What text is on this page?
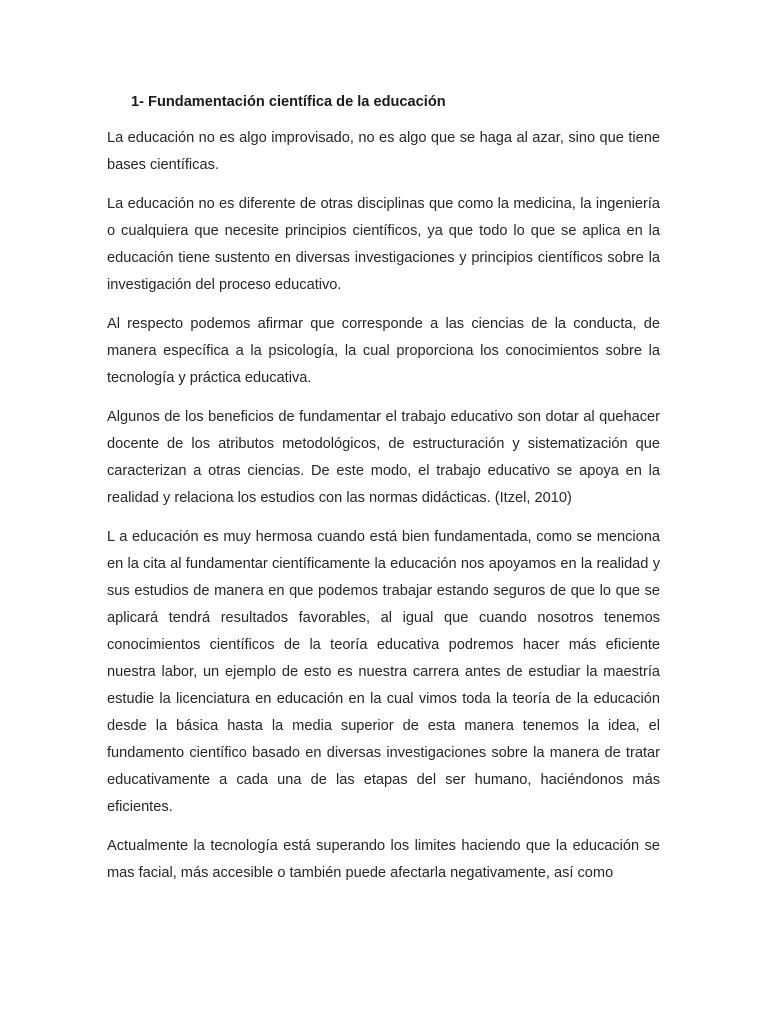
1- Fundamentación científica de la educación

La educación no es algo improvisado, no es algo que se haga al azar, sino que tiene bases científicas.

La educación no es diferente de otras disciplinas que como la medicina, la ingeniería o cualquiera que necesite principios científicos, ya que todo lo que se aplica en la educación tiene sustento en diversas investigaciones y principios científicos sobre la investigación del proceso educativo.

Al respecto podemos afirmar que corresponde a las ciencias de la conducta, de manera específica a la psicología, la cual proporciona los conocimientos sobre la tecnología y práctica educativa.

Algunos de los beneficios de fundamentar el trabajo educativo son dotar al quehacer docente de los atributos metodológicos, de estructuración y sistematización que caracterizan a otras ciencias. De este modo, el trabajo educativo se apoya en la realidad y relaciona los estudios con las normas didácticas. (Itzel, 2010)

L a educación es muy hermosa cuando está bien fundamentada, como se menciona en la cita al fundamentar científicamente la educación nos apoyamos en la realidad y sus estudios de manera en que podemos trabajar estando seguros de que lo que se aplicará tendrá resultados favorables, al igual que cuando nosotros tenemos conocimientos científicos de la teoría educativa podremos hacer más eficiente nuestra labor, un ejemplo de esto es nuestra carrera antes de estudiar la maestría estudie la licenciatura en educación en la cual vimos toda la teoría de la educación desde la básica hasta la media superior de esta manera tenemos la idea, el fundamento científico basado en diversas investigaciones sobre la manera de tratar educativamente a cada una de las etapas del ser humano, haciéndonos más eficientes.

Actualmente la tecnología está superando los limites haciendo que la educación se mas facial, más accesible o también puede afectarla negativamente, así como
